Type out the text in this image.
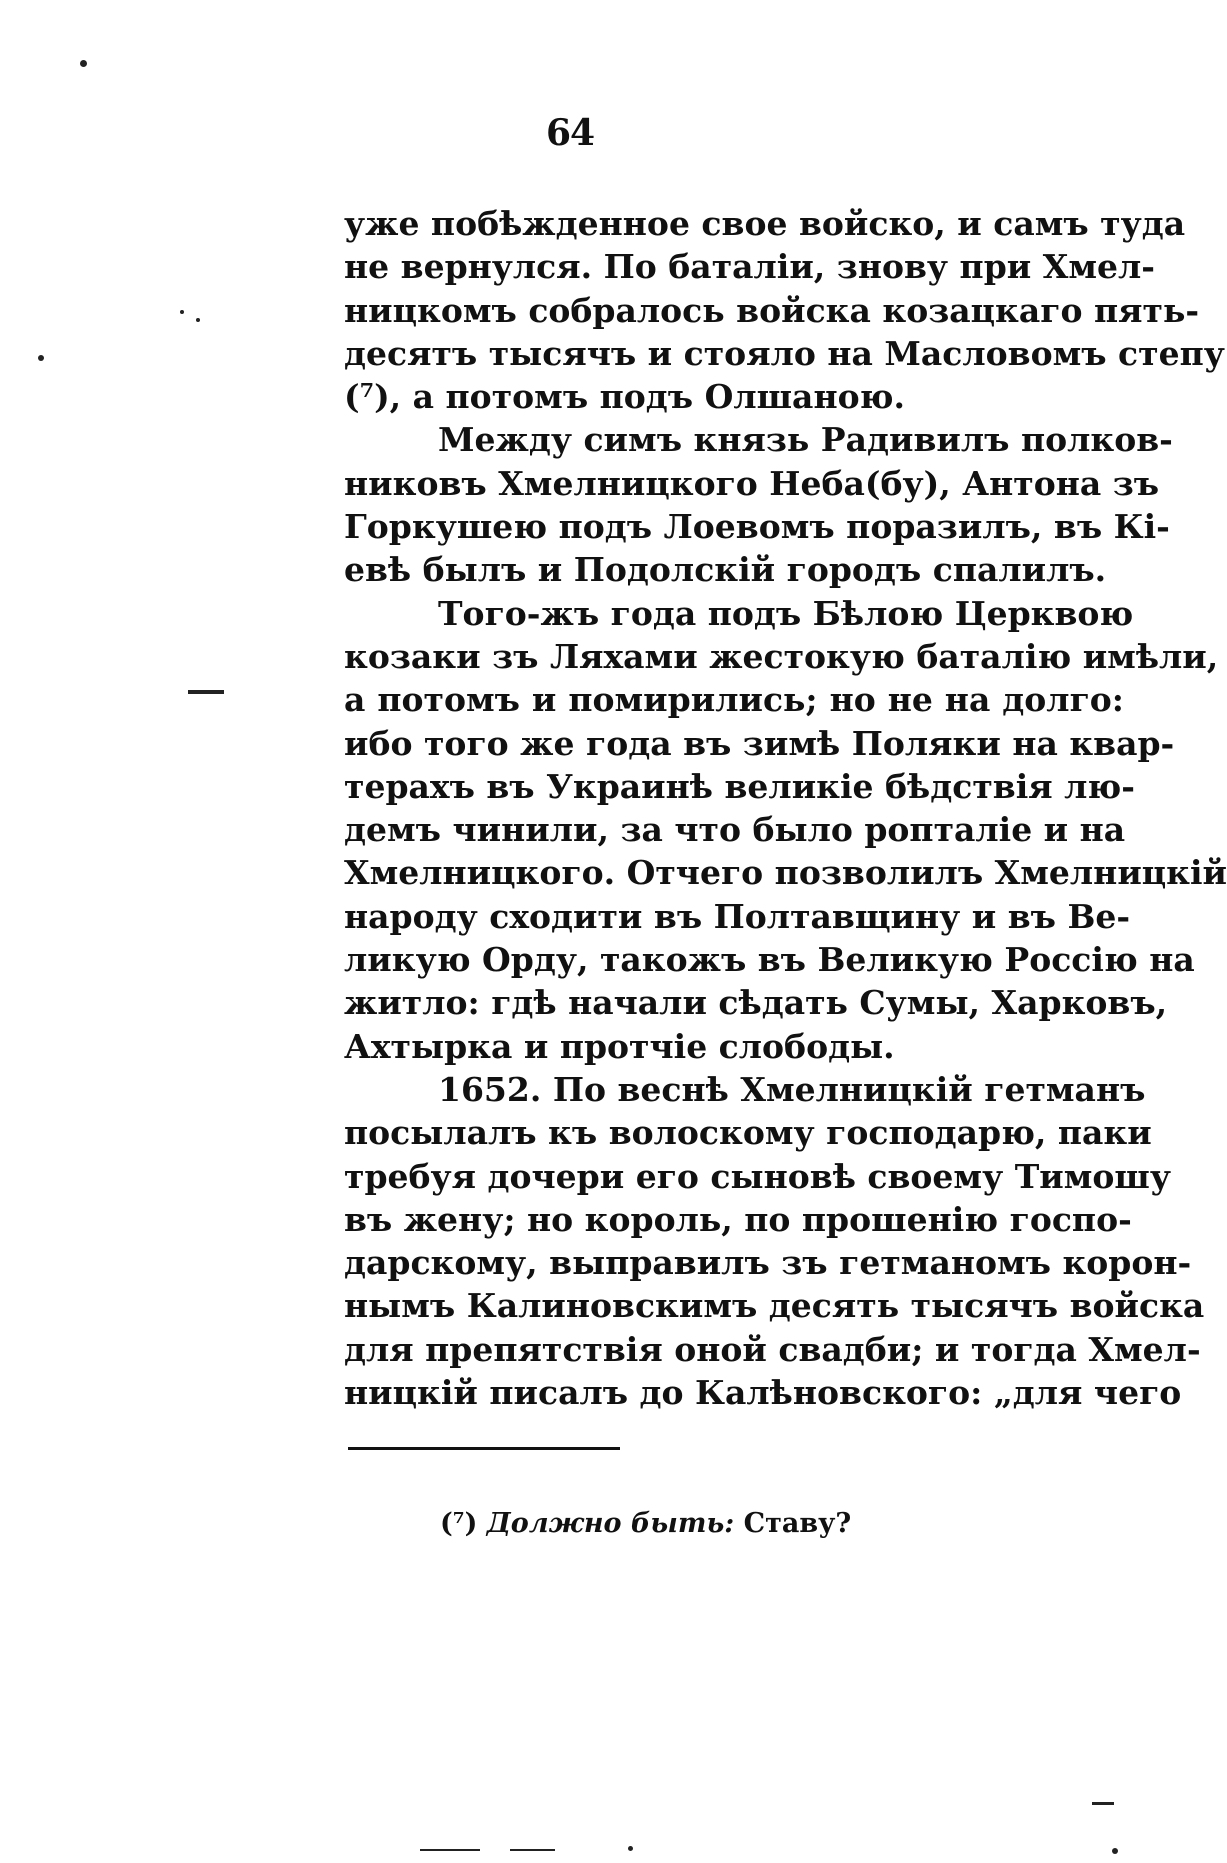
64
уже побѣжденное свое войско, и самъ туда
не вернулся. По баталіи, знову при Хмел-
ницкомъ собралось войска козацкаго пять-
десятъ тысячъ и стояло на Масловомъ степу
(⁷), а потомъ подъ Олшаною.
Между симъ князь Радивилъ полков-
никовъ Хмелницкого Неба(бу), Антона зъ
Горкушею подъ Лоевомъ поразилъ, въ Кі-
евѣ былъ и Подолскій городъ спалилъ.
Того-жъ года подъ Бѣлою Церквою
козаки зъ Ляхами жестокую баталію имѣли,
а потомъ и помирились; но не на долго:
ибо того же года въ зимѣ Поляки на квар-
терахъ въ Украинѣ великіе бѣдствія лю-
демъ чинили, за что было ропталіе и на
Хмелницкого. Отчего позволилъ Хмелницкій
народу сходити въ Полтавщину и въ Ве-
ликую Орду, такожъ въ Великую Россію на
житло: гдѣ начали сѣдать Сумы, Харковъ,
Ахтырка и протчіе слободы.
1652. По веснѣ Хмелницкій гетманъ
посылалъ къ волоскому господарю, паки
требуя дочери его сыновѣ своему Тимошу
въ жену; но король, по прошенію госпо-
дарскому, выправилъ зъ гетманомъ корон-
нымъ Калиновскимъ десять тысячъ войска
для препятствія оной свадби; и тогда Хмел-
ницкій писалъ до Калѣновского: „для чего
(⁷) Должно быть: Ставу?
